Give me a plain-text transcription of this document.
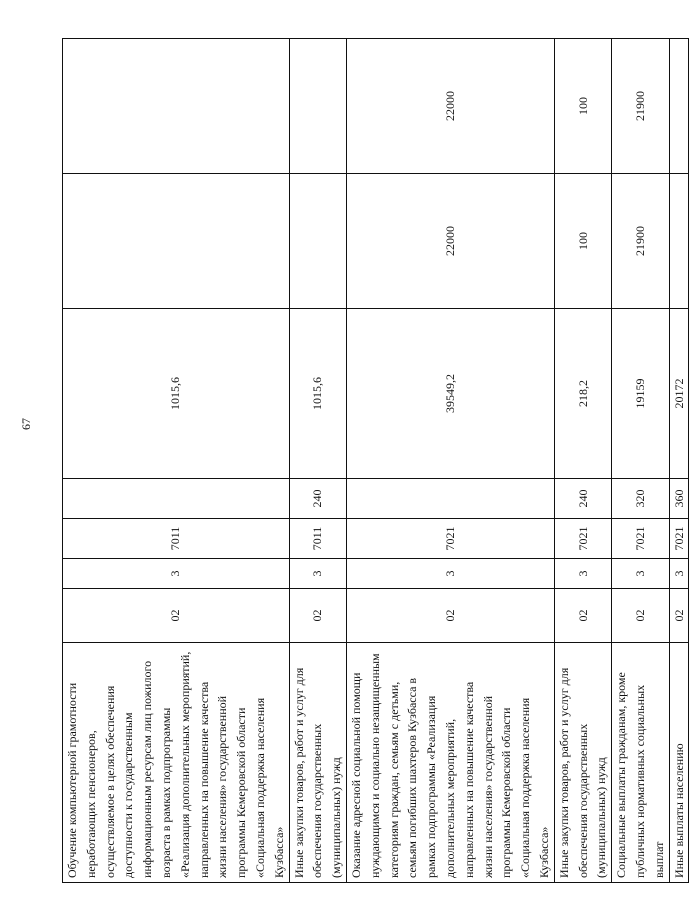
67
Обучение компьютерной грамотности неработающих пенсионеров, осуществляемое в целях обеспечения доступности к государственным информационным ресурсам лиц пожилого возраста в рамках подпрограммы «Реализация дополнительных мероприятий, направленных на повышение качества жизни населения» государственной программы Кемеровской области «Социальная поддержка населения Кузбасса»	02	3	7011		1015,6		
Иные закупки товаров, работ и услуг для обеспечения государственных (муниципальных) нужд	02	3	7011	240	1015,6		
Оказание адресной социальной помощи нуждающимся и социально незащищенным категориям граждан, семьям с детьми, семьям погибших шахтеров Кузбасса в рамках подпрограммы «Реализация дополнительных мероприятий, направленных на повышение качества жизни населения» государственной программы Кемеровской области «Социальная поддержка населения Кузбасса»	02	3	7021		39549,2	22000	22000
Иные закупки товаров, работ и услуг для обеспечения государственных (муниципальных) нужд	02	3	7021	240	218,2	100	100
Социальные выплаты гражданам, кроме публичных нормативных социальных выплат	02	3	7021	320	19159	21900	21900
Иные выплаты населению	02	3	7021	360	20172		
